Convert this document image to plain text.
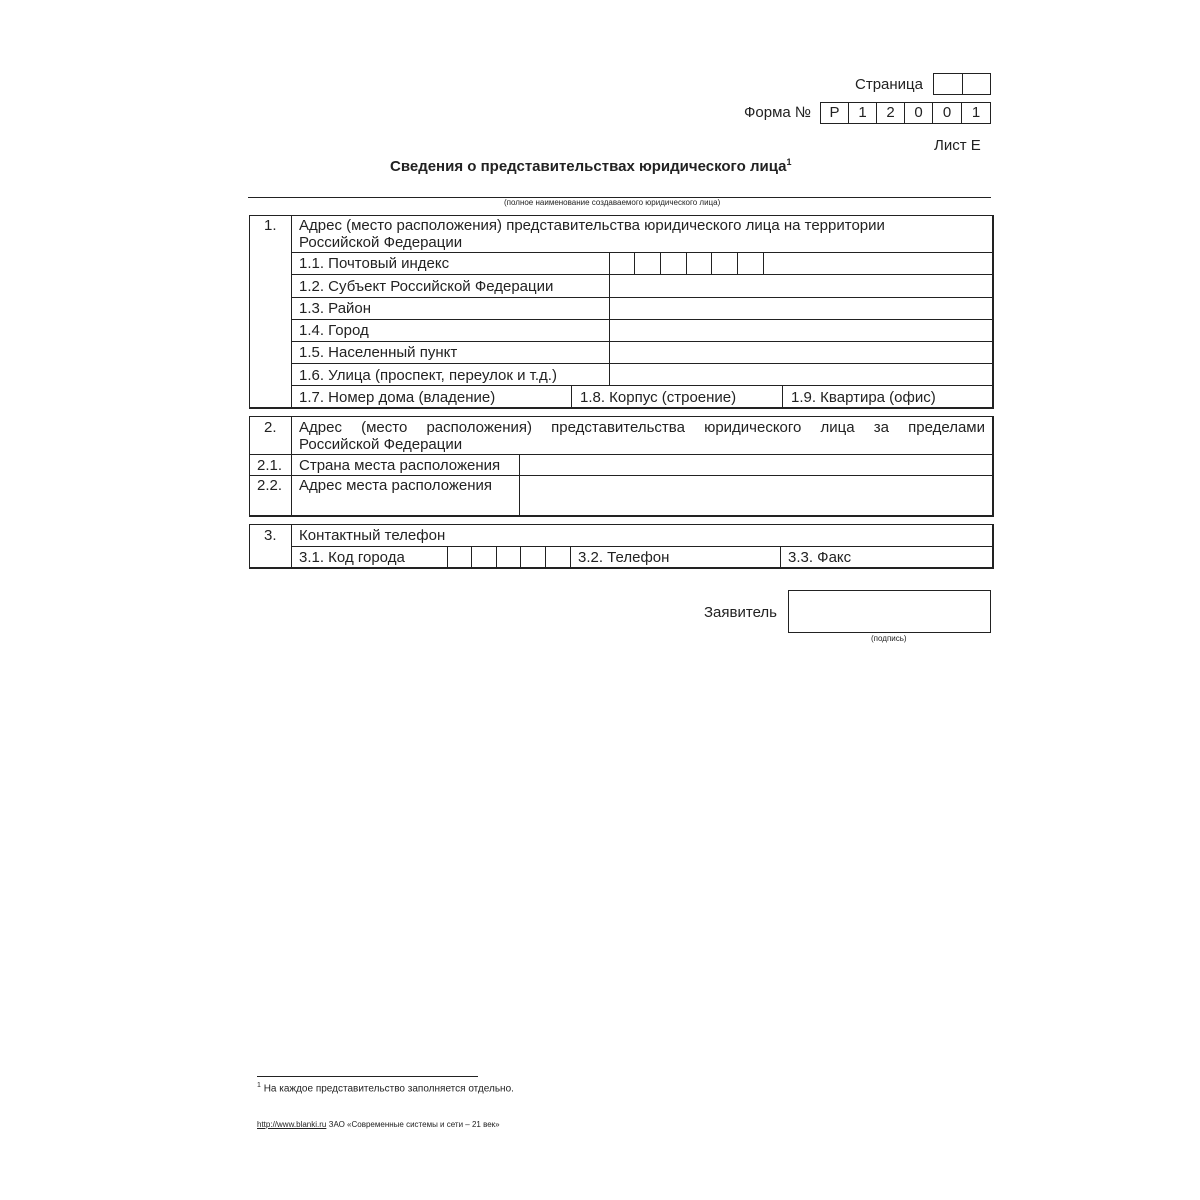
Страница
Форма №	Р	1	2	0	0	1
Лист Е
Сведения о представительствах юридического лица$^1$
(полное наименование создаваемого юридического лица)
1. Адрес (место расположения) представительства юридического лица на территории
Российской Федерации
1.1. Почтовый индекс
1.2. Субъект Российской Федерации
1.3. Район
1.4. Город
1.5. Населенный пункт
1.6. Улица (проспект, переулок и т.д.)
1.7. Номер дома (владение)	1.8. Корпус (строение)	1.9. Квартира (офис)
2. Адрес (место расположения) представительства юридического лица за пределами
Российской Федерации
2.1. Страна места расположения
2.2. Адрес места расположения
3. Контактный телефон
3.1. Код города	3.2. Телефон	3.3. Факс
Заявитель
(подпись)
$^1$ На каждое представительство заполняется отдельно.
http://www.blanki.ru ЗАО «Современные системы и сети – 21 век»
